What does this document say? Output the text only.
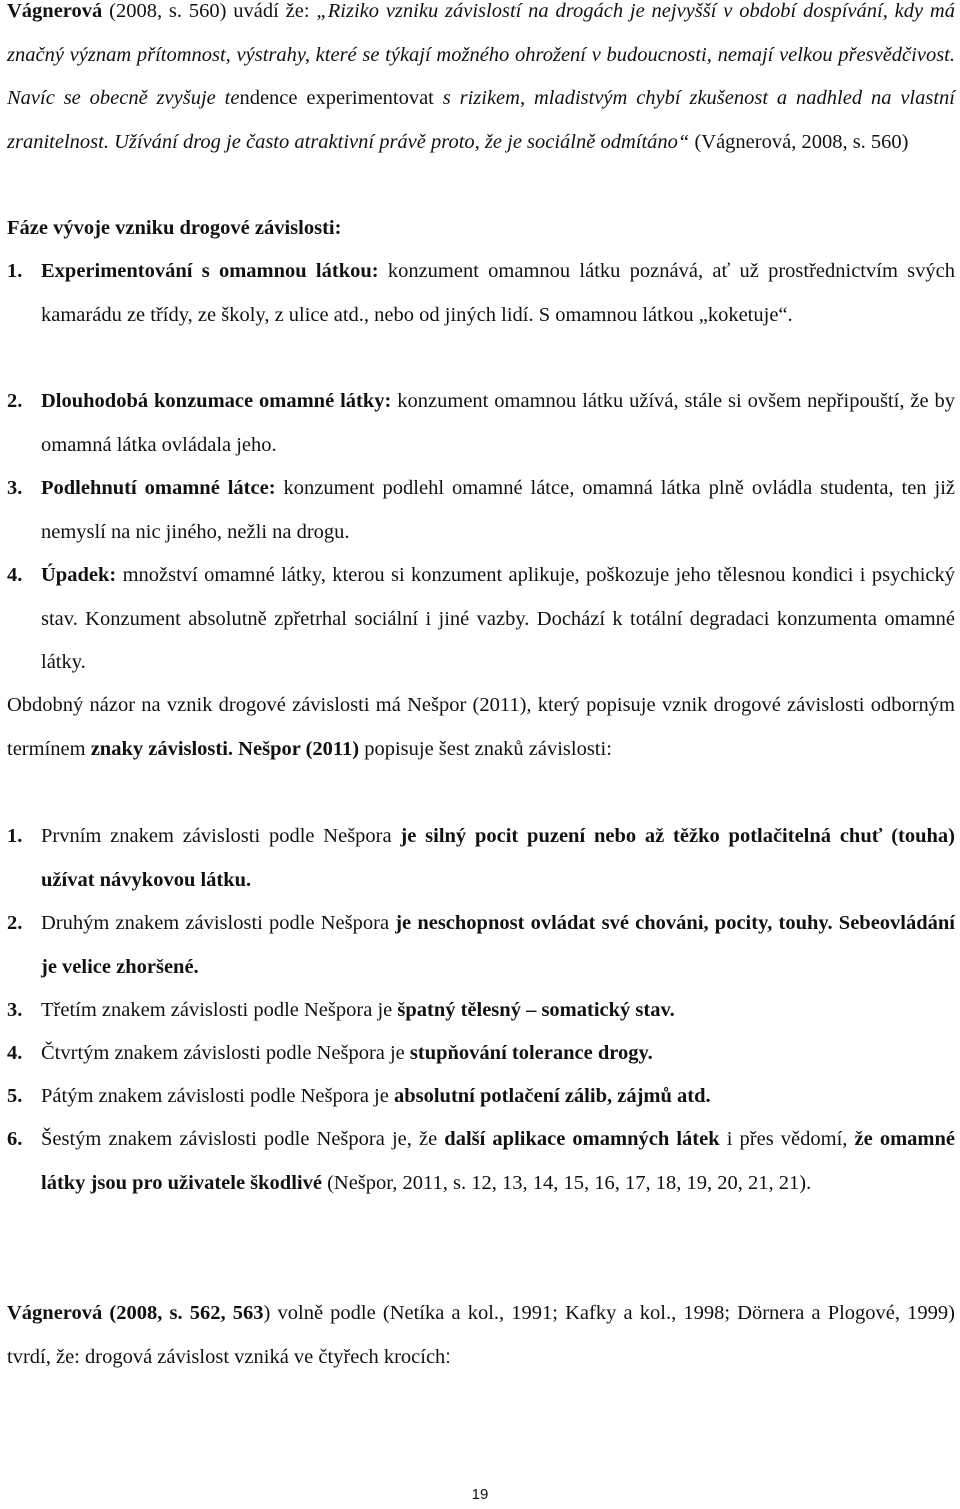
Vágnerová (2008, s. 560) uvádí že: „Riziko vzniku závislostí na drogách je nejvyšší v období dospívání, kdy má značný význam přítomnost, výstrahy, které se týkají možného ohrožení v budoucnosti, nemají velkou přesvědčivost. Navíc se obecně zvyšuje tendence experimentovat s rizikem, mladistvým chybí zkušenost a nadhled na vlastní zranitelnost. Užívání drog je často atraktivní právě proto, že je sociálně odmítáno“ (Vágnerová, 2008, s. 560)
Fáze vývoje vzniku drogové závislosti:
1. Experimentování s omamnou látkou: konzument omamnou látku poznává, ať už prostřednictvím svých kamarádu ze třídy, ze školy, z ulice atd., nebo od jiných lidí. S omamnou látkou „koketuje“.
2. Dlouhodobá konzumace omamné látky: konzument omamnou látku užívá, stále si ovšem nepřipouští, že by omamná látka ovládala jeho.
3. Podlehnutí omamné látce: konzument podlehl omamné látce, omamná látka plně ovládla studenta, ten již nemyslí na nic jiného, nežli na drogu.
4. Úpadek: množství omamné látky, kterou si konzument aplikuje, poškozuje jeho tělesnou kondici i psychický stav. Konzument absolutně zpřetrhal sociální i jiné vazby. Dochází k totální degradaci konzumenta omamné látky.
Obdobný názor na vznik drogové závislosti má Nešpor (2011), který popisuje vznik drogové závislosti odborným termínem znaky závislosti. Nešpor (2011) popisuje šest znaků závislosti:
1. Prvním znakem závislosti podle Nešpora je silný pocit puzení nebo až těžko potlačitelná chuť (touha) užívat návykovou látku.
2. Druhým znakem závislosti podle Nešpora je neschopnost ovládat své chováni, pocity, touhy. Sebeovládání je velice zhoršené.
3. Třetím znakem závislosti podle Nešpora je špatný tělesný – somatický stav.
4. Čtvrtým znakem závislosti podle Nešpora je stupňování tolerance drogy.
5. Pátým znakem závislosti podle Nešpora je absolutní potlačení zálib, zájmů atd.
6. Šestým znakem závislosti podle Nešpora je, že další aplikace omamných látek i přes vědomí, že omamné látky jsou pro uživatele škodlivé (Nešpor, 2011, s. 12, 13, 14, 15, 16, 17, 18, 19, 20, 21, 21).
Vágnerová (2008, s. 562, 563) volně podle (Netíka a kol., 1991; Kafky a kol., 1998; Dörnera a Plogové, 1999) tvrdí, že: drogová závislost vzniká ve čtyřech krocích:
19
